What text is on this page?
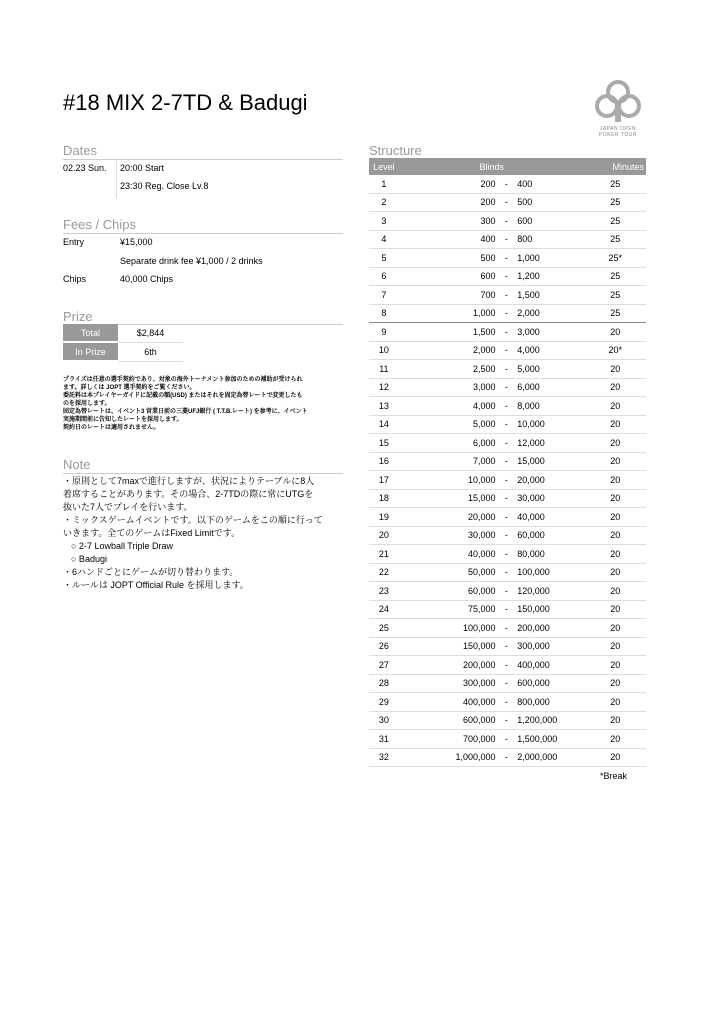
#18 MIX 2-7TD & Badugi
JAPAN OPEN
POKER TOUR
Dates
02.23 Sun. 20:00 Start
23:30 Reg. Close Lv.8
Fees / Chips
Entry	¥15,000
Separate drink fee ¥1,000 / 2 drinks
Chips	40,000 Chips
Prize
Total	$2,844
In Prize	6th
プライズは任意の選手契約であり、対象の海外トーナメント参加のための補助が受けられ
ます。詳しくは JOPT 選手契約をご覧ください。
委託料は本プレイヤーガイドに記載の額(USD) またはそれを固定為替レートで変更したも
のを採用します。
固定為替レートは、イベント3 営業日前の三菱UFJ銀行 ( T.T.B.レート) を参考に、イベント
実施期間前に告知したレートを採用します。
契約日のレートは適用されません。
Note
・原則として7maxで進行しますが、状況によりテーブルに8人
着席することがあります。その場合、2-7TDの際に常にUTGを
抜いた7人でプレイを行います。
・ミックスゲームイベントです。以下のゲームをこの順に行って
いきます。全てのゲームはFixed Limitです。
○ 2-7 Lowball Triple Draw
○ Badugi
・6ハンドごとにゲームが切り替わります。
・ルールは JOPT Official Rule を採用します。
Structure
Level	Blinds			Minutes
1	200	-	400	25
2	200	-	500	25
3	300	-	600	25
4	400	-	800	25
5	500	-	1,000	25*
6	600	-	1,200	25
7	700	-	1,500	25
8	1,000	-	2,000	25
9	1,500	-	3,000	20
10	2,000	-	4,000	20*
11	2,500	-	5,000	20
12	3,000	-	6,000	20
13	4,000	-	8,000	20
14	5,000	-	10,000	20
15	6,000	-	12,000	20
16	7,000	-	15,000	20
17	10,000	-	20,000	20
18	15,000	-	30,000	20
19	20,000	-	40,000	20
20	30,000	-	60,000	20
21	40,000	-	80,000	20
22	50,000	-	100,000	20
23	60,000	-	120,000	20
24	75,000	-	150,000	20
25	100,000	-	200,000	20
26	150,000	-	300,000	20
27	200,000	-	400,000	20
28	300,000	-	600,000	20
29	400,000	-	800,000	20
30	600,000	-	1,200,000	20
31	700,000	-	1,500,000	20
32	1,000,000	-	2,000,000	20
*Break
